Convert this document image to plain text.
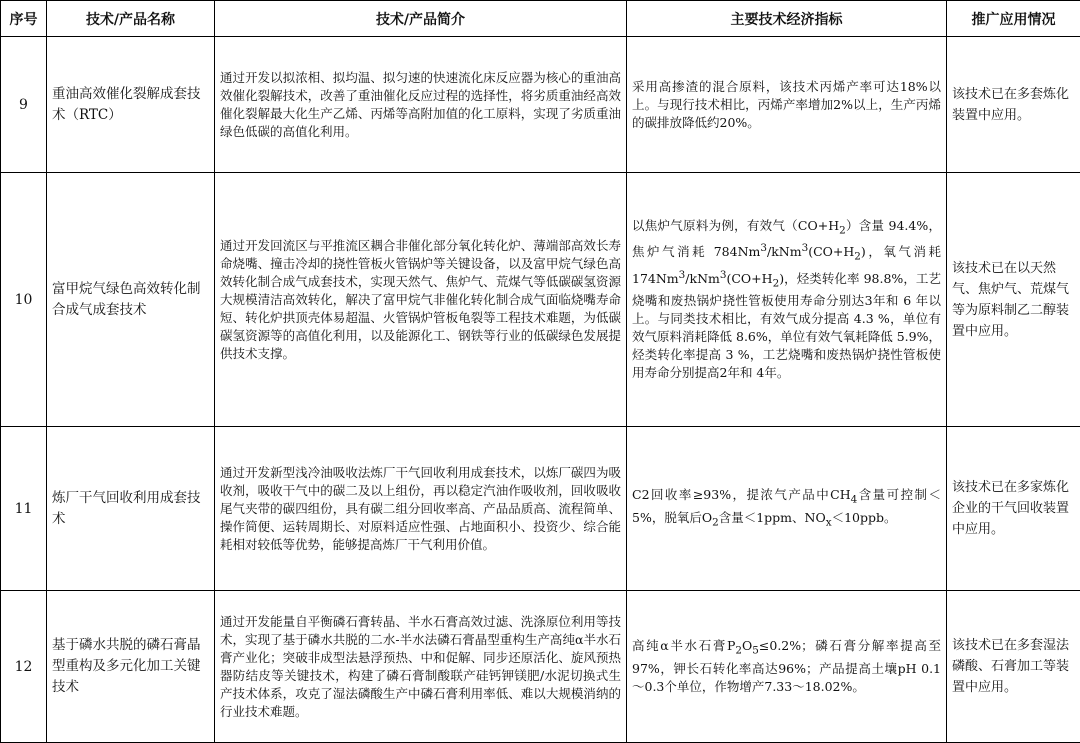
序号	技术/产品名称	技术/产品简介	主要技术经济指标	推广应用情况
9	重油高效催化裂解成套技术（RTC）	通过开发以拟浓相、拟均温、拟匀速的快速流化床反应器为核心的重油高效催化裂解技术，改善了重油催化反应过程的选择性，将劣质重油经高效催化裂解最大化生产乙烯、丙烯等高附加值的化工原料，实现了劣质重油绿色低碳的高值化利用。	采用高掺渣的混合原料，该技术丙烯产率可达18%以上。与现行技术相比，丙烯产率增加2%以上，生产丙烯的碳排放降低约20%。	该技术已在多套炼化装置中应用。
10	富甲烷气绿色高效转化制合成气成套技术	通过开发回流区与平推流区耦合非催化部分氧化转化炉、薄端部高效长寿命烧嘴、撞击冷却的挠性管板火管锅炉等关键设备，以及富甲烷气绿色高效转化制合成气成套技术，实现天然气、焦炉气、荒煤气等低碳碳氢资源大规模清洁高效转化，解决了富甲烷气非催化转化制合成气面临烧嘴寿命短、转化炉拱顶壳体易超温、火管锅炉管板龟裂等工程技术难题，为低碳碳氢资源等的高值化利用，以及能源化工、钢铁等行业的低碳绿色发展提供技术支撑。	以焦炉气原料为例，有效气$(CO+H_2)$含量 94.4%，焦炉气消耗 $784Nm^3/kNm^3(CO+H_2)$，氧气消耗 $174Nm^3/kNm^3(CO+H_2)$，烃类转化率 98.8%，工艺烧嘴和废热锅炉挠性管板使用寿命分别达3年和 6 年以上。与同类技术相比，有效气成分提高 4.3 %，单位有效气原料消耗降低 8.6%，单位有效气氧耗降低 5.9%，烃类转化率提高 3 %，工艺烧嘴和废热锅炉挠性管板使用寿命分别提高2年和 4年。	该技术已在以天然气、焦炉气、荒煤气等为原料制乙二醇装置中应用。
11	炼厂干气回收利用成套技术	通过开发新型浅冷油吸收法炼厂干气回收利用成套技术，以炼厂碳四为吸收剂，吸收干气中的碳二及以上组份，再以稳定汽油作吸收剂，回收吸收尾气夹带的碳四组份，具有碳二组分回收率高、产品品质高、流程简单、操作简便、运转周期长、对原料适应性强、占地面积小、投资少、综合能耗相对较低等优势，能够提高炼厂干气利用价值。	C2回收率≥93%，提浓气产品中$CH_4$含量可控制＜5%，脱氧后$O_2$含量＜1ppm、$NO_x<10ppb$。	该技术已在多家炼化企业的干气回收装置中应用。
12	基于磷水共脱的磷石膏晶型重构及多元化加工关键技术	通过开发能量自平衡磷石膏转晶、半水石膏高效过滤、洗涤原位利用等技术，实现了基于磷水共脱的二水-半水法磷石膏晶型重构生产高纯α半水石膏产业化；突破非成型法悬浮预热、中和促解、同步还原活化、旋风预热器防结皮等关键技术，构建了磷石膏制酸联产硅钙钾镁肥/水泥切换式生产技术体系，攻克了湿法磷酸生产中磷石膏利用率低、难以大规模消纳的行业技术难题。	高纯α半水石膏$P_2O_5\le 0.2\%$；磷石膏分解率提高至97%，钾长石转化率高达96%；产品提高土壤pH 0.1～0.3个单位，作物增产7.33～18.02%。	该技术已在多套湿法磷酸、石膏加工等装置中应用。
